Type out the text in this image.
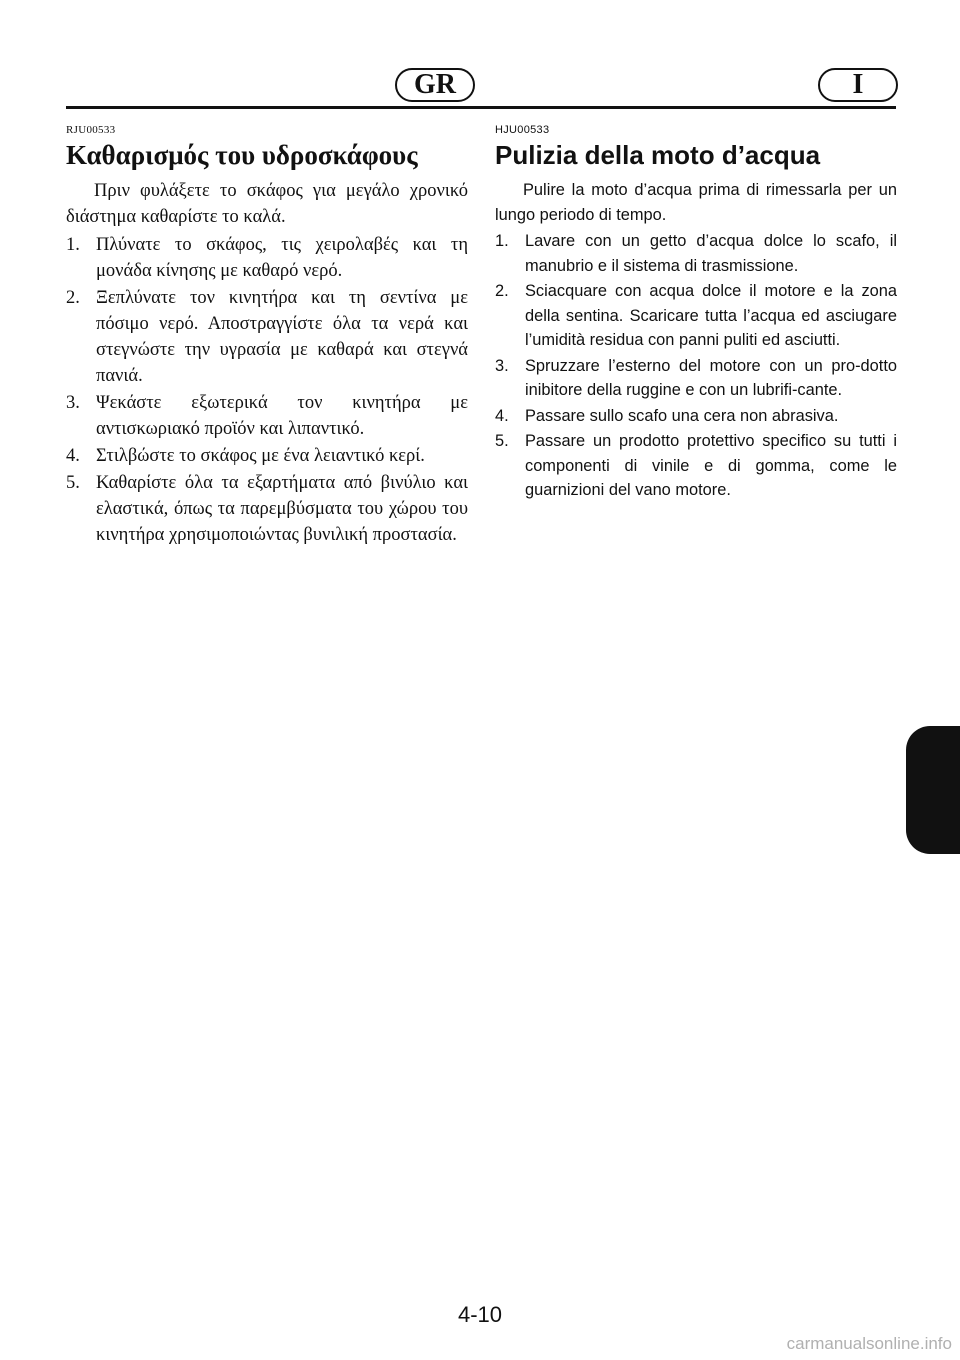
GR	I
RJU00533
Καθαρισμός του υδροσκάφους

Πριν φυλάξετε το σκάφος για μεγάλο χρονικό διάστημα καθαρίστε το καλά.

1. Πλύνατε το σκάφος, τις χειρολαβές και τη μονάδα κίνησης με καθαρό νερό.
2. Ξεπλύνατε τον κινητήρα και τη σεντίνα με πόσιμο νερό. Αποστραγγίστε όλα τα νερά και στεγνώστε την υγρασία με καθαρά και στεγνά πανιά.
3. Ψεκάστε εξωτερικά τον κινητήρα με αντισκωριακό προϊόν και λιπαντικό.
4. Στιλβώστε το σκάφος με ένα λειαντικό κερί.
5. Καθαρίστε όλα τα εξαρτήματα από βινύλιο και ελαστικά, όπως τα παρεμβύσματα του χώρου του κινητήρα χρησιμοποιώντας βυνιλική προστασία.
HJU00533
Pulizia della moto d’acqua

Pulire la moto d’acqua prima di rimessarla per un lungo periodo di tempo.

1. Lavare con un getto d’acqua dolce lo scafo, il manubrio e il sistema di trasmissione.
2. Sciacquare con acqua dolce il motore e la zona della sentina. Scaricare tutta l’acqua ed asciugare l’umidità residua con panni puliti ed asciutti.
3. Spruzzare l’esterno del motore con un pro-dotto inibitore della ruggine e con un lubrifi-cante.
4. Passare sullo scafo una cera non abrasiva.
5. Passare un prodotto protettivo specifico su tutti i componenti di vinile e di gomma, come le guarnizioni del vano motore.
4-10
carmanualsonline.info
